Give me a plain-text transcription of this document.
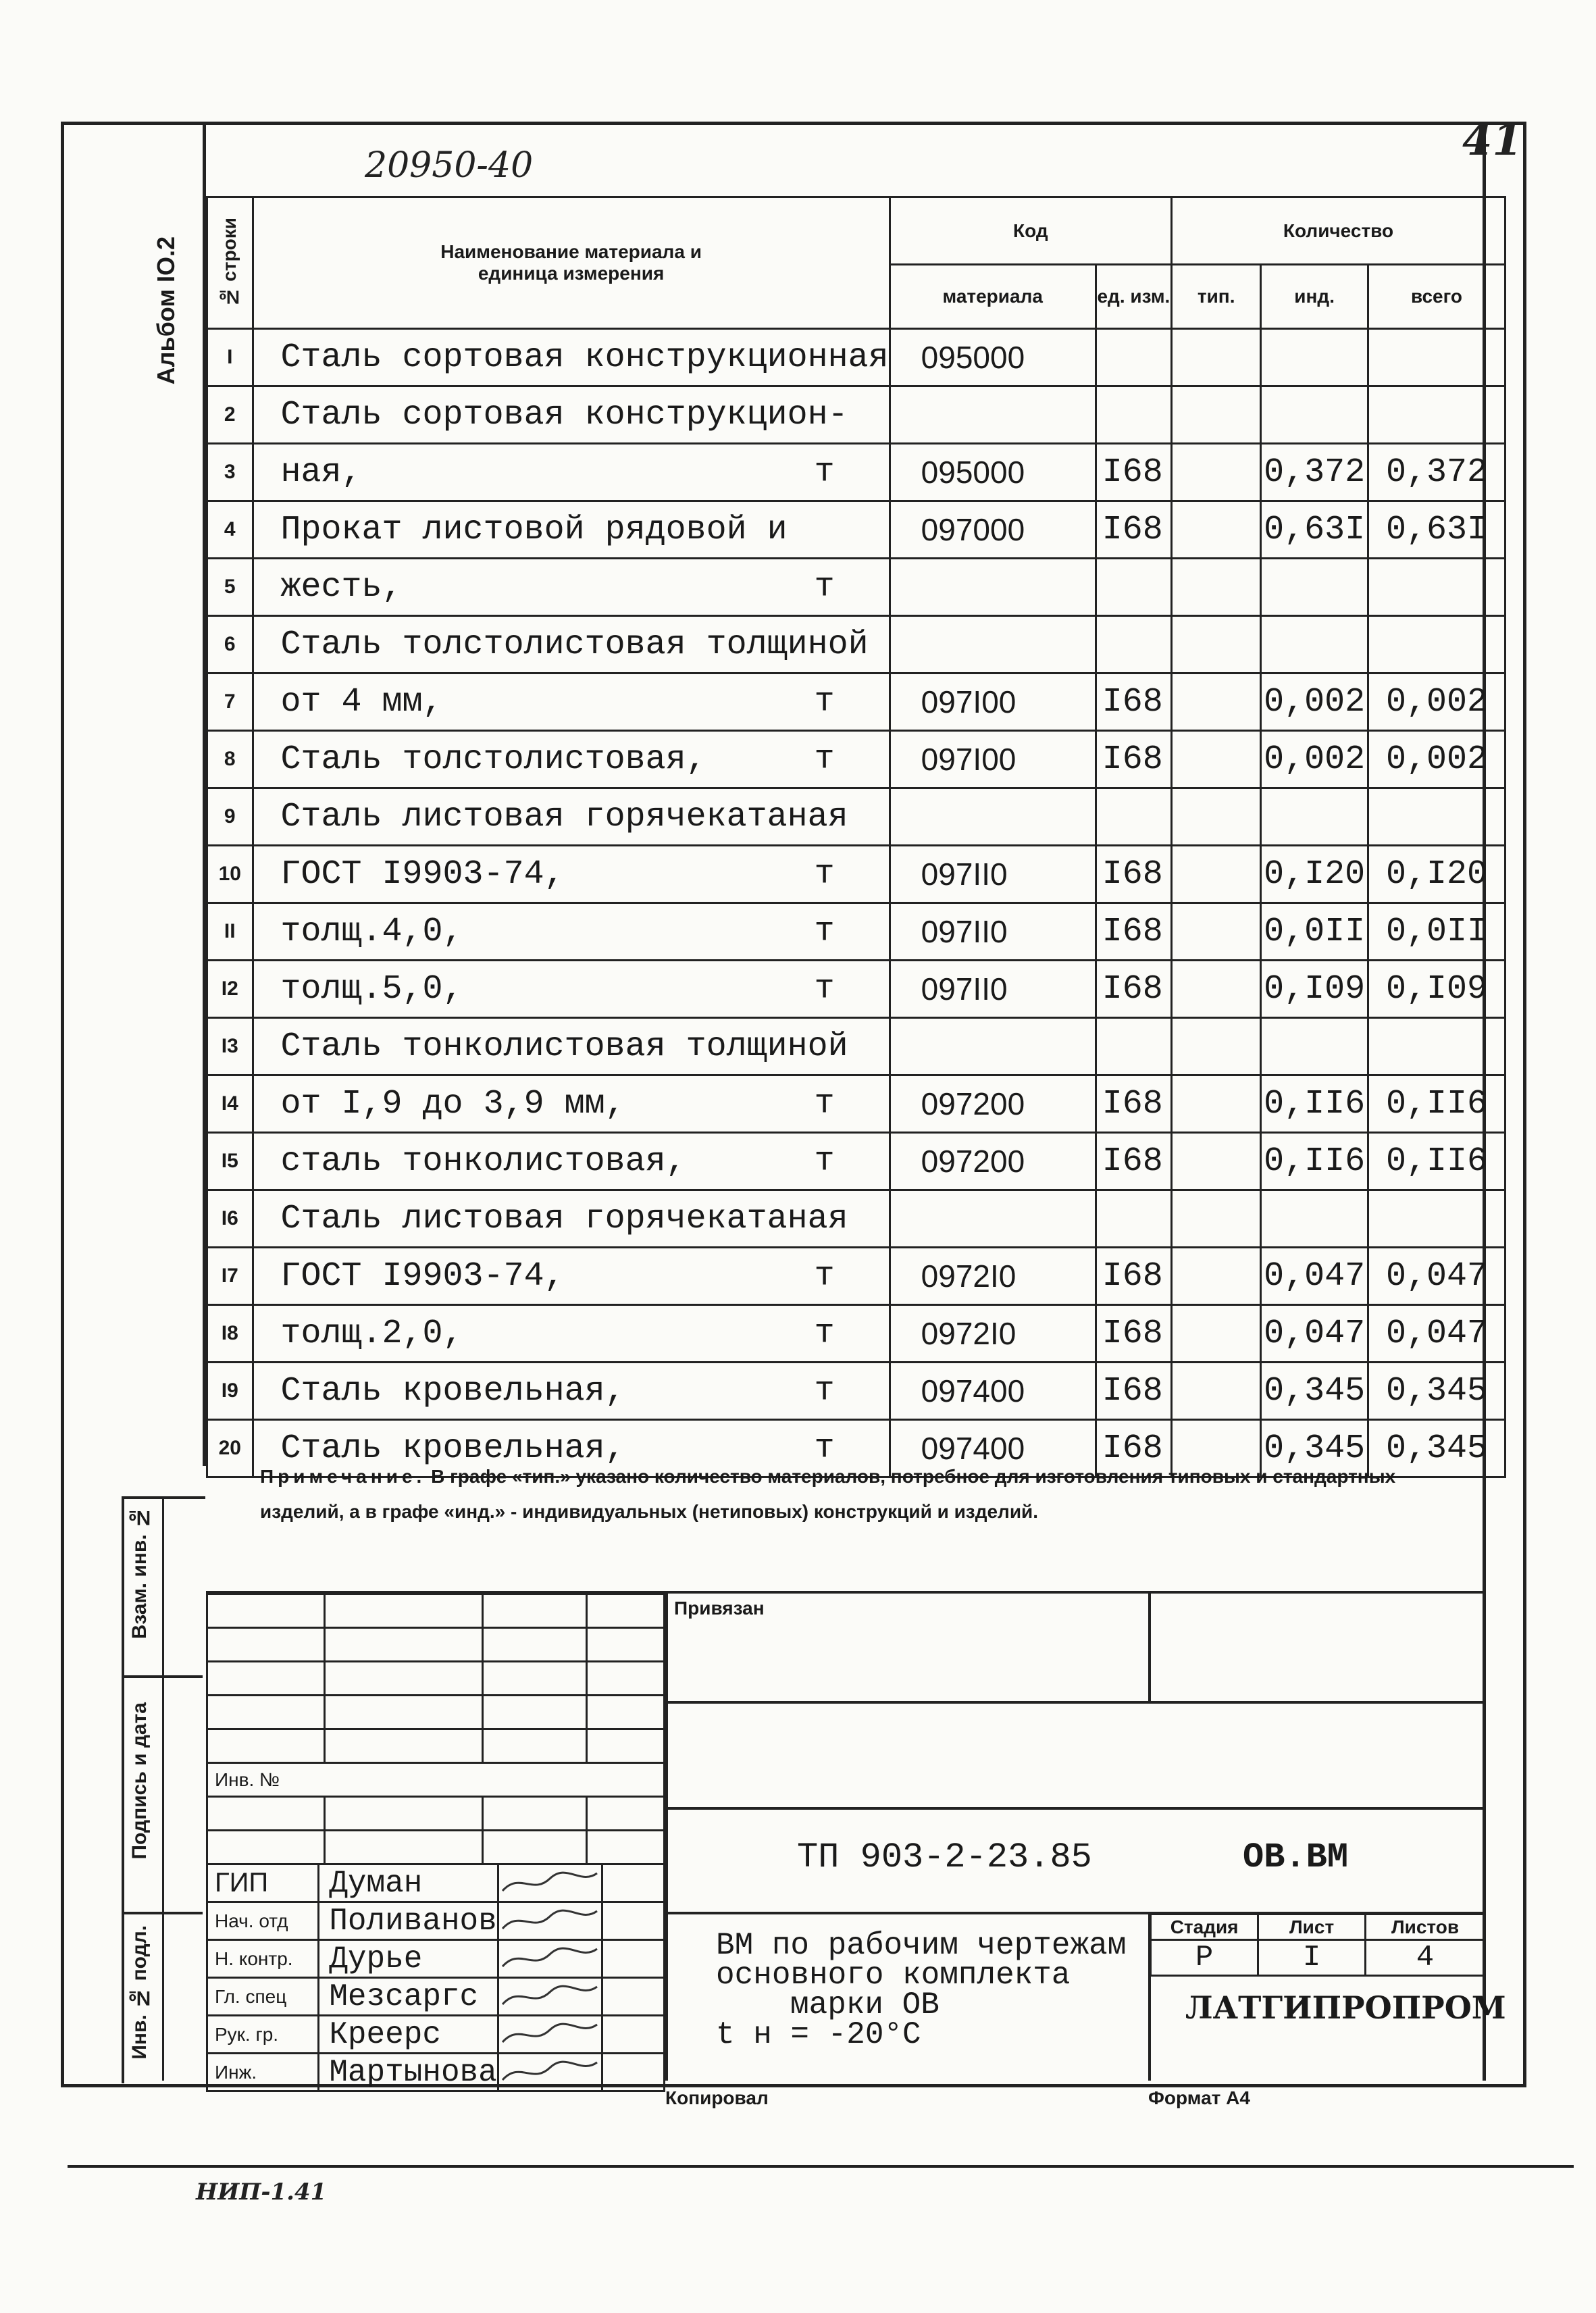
20950-40	41
Альбом IO.2 № строки	Наименование материала и единица измерения	Код		Количество		
		материала	ед. изм.	тип.	инд.	всего
I	Сталь сортовая конструкционная	095000				
2	Сталь сортовая конструкцион-

3	ная, т	095000	I68		0,372	0,372
4	Прокат листовой рядовой и	097000	I68		0,63I	0,63I
5	жесть, т					

6	Сталь толстолистовая толщиной

7	от 4 мм, т	097I00	I68		0,002	0,002
8	Сталь толстолистовая, т	097I00	I68		0,002	0,002
9	Сталь листовая горячекатаная

10	ГОСТ I9903-74, т	097II0	I68		0,I20	0,I20
II	толщ.4,0, т	097II0	I68		0,0II	0,0II
I2	толщ.5,0, т	097II0	I68		0,I09	0,I09
I3	Сталь тонколистовая толщиной

I4	от I,9 до 3,9 мм, т	097200	I68		0,II6	0,II6
I5	сталь тонколистовая, т	097200	I68		0,II6	0,II6
I6	Сталь листовая горячекатаная

I7	ГОСТ I9903-74, т	0972I0	I68		0,047	0,047
I8	толщ.2,0, т	0972I0	I68		0,047	0,047
I9	Сталь кровельная, т	097400	I68		0,345	0,345
20	Сталь кровельная, т	097400	I68		0,345	0,345
Примечание. В графе «тип.» указано количество материалов, потребное для изготовления типовых и стандартных изделий, а в графе «инд.» - индивидуальных (нетиповых) конструкций и изделий.
Взам. инв. №
Подпись и дата
Инв. № подл.

Инв. №			

ГИП	Думан		
Нач. отд	Поливанов		
Н. контр.	Дурье		
Гл. спец	Мезсаргс		
Рук. гр.	Креерс		
Инж.	Мартынова		
Привязан
ТП 903-2-23.85	ОВ.ВМ
ВМ по рабочим чертежам
основного комплекта
марки ОВ
t н = -20°С
Стадия	Лист	Листов
Р	I	4
ЛАТГИПРОПРОМ
Копировал	Формат А4
НИП-1.41
